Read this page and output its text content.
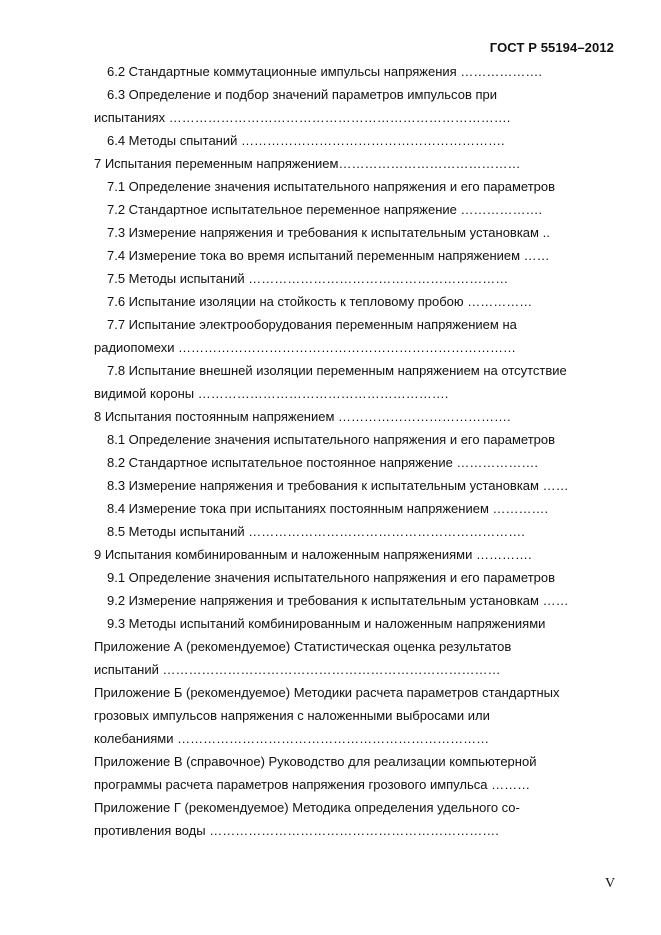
ГОСТ Р 55194–2012
6.2 Стандартные коммутационные импульсы напряжения ……………….
6.3 Определение и подбор значений параметров импульсов при
испытаниях …………………………………………………………………….
6.4 Методы спытаний …………………………………………………….
7 Испытания переменным напряжением……………………………………
7.1 Определение значения испытательного напряжения и его параметров
7.2 Стандартное испытательное переменное напряжение ……………….
7.3 Измерение напряжения и требования к испытательным установкам ..
7.4 Измерение тока во время испытаний переменным напряжением ……
7.5 Методы испытаний ……………………………………………………
7.6 Испытание изоляции на стойкость к тепловому пробою ……………
7.7 Испытание электрооборудования переменным напряжением на
радиопомехи ……………………………………………………………………
7.8 Испытание внешней изоляции переменным напряжением на отсутствие
видимой короны ………………………………………………….
8 Испытания постоянным напряжением ………………………………….
8.1 Определение значения испытательного напряжения и его параметров
8.2 Стандартное испытательное постоянное напряжение ……………….
8.3 Измерение напряжения и требования к испытательным установкам ……
8.4 Измерение тока при испытаниях постоянным напряжением ………….
8.5 Методы испытаний ……………………………………………………….
9 Испытания комбинированным и наложенным напряжениями ………….
9.1 Определение значения испытательного напряжения и его параметров
9.2 Измерение напряжения и требования к испытательным установкам ……
9.3 Методы испытаний комбинированным и наложенным напряжениями
Приложение А (рекомендуемое) Статистическая оценка результатов
испытаний ……………………………………………………………………
Приложение Б (рекомендуемое) Методики расчета параметров стандартных
грозовых импульсов напряжения с наложенными выбросами или
колебаниями ………………………………………………………………
Приложение В (справочное) Руководство для реализации компьютерной
программы расчета параметров напряжения грозового импульса ………
Приложение Г (рекомендуемое) Методика определения удельного со-
противления воды ………………………………………………………….
V
